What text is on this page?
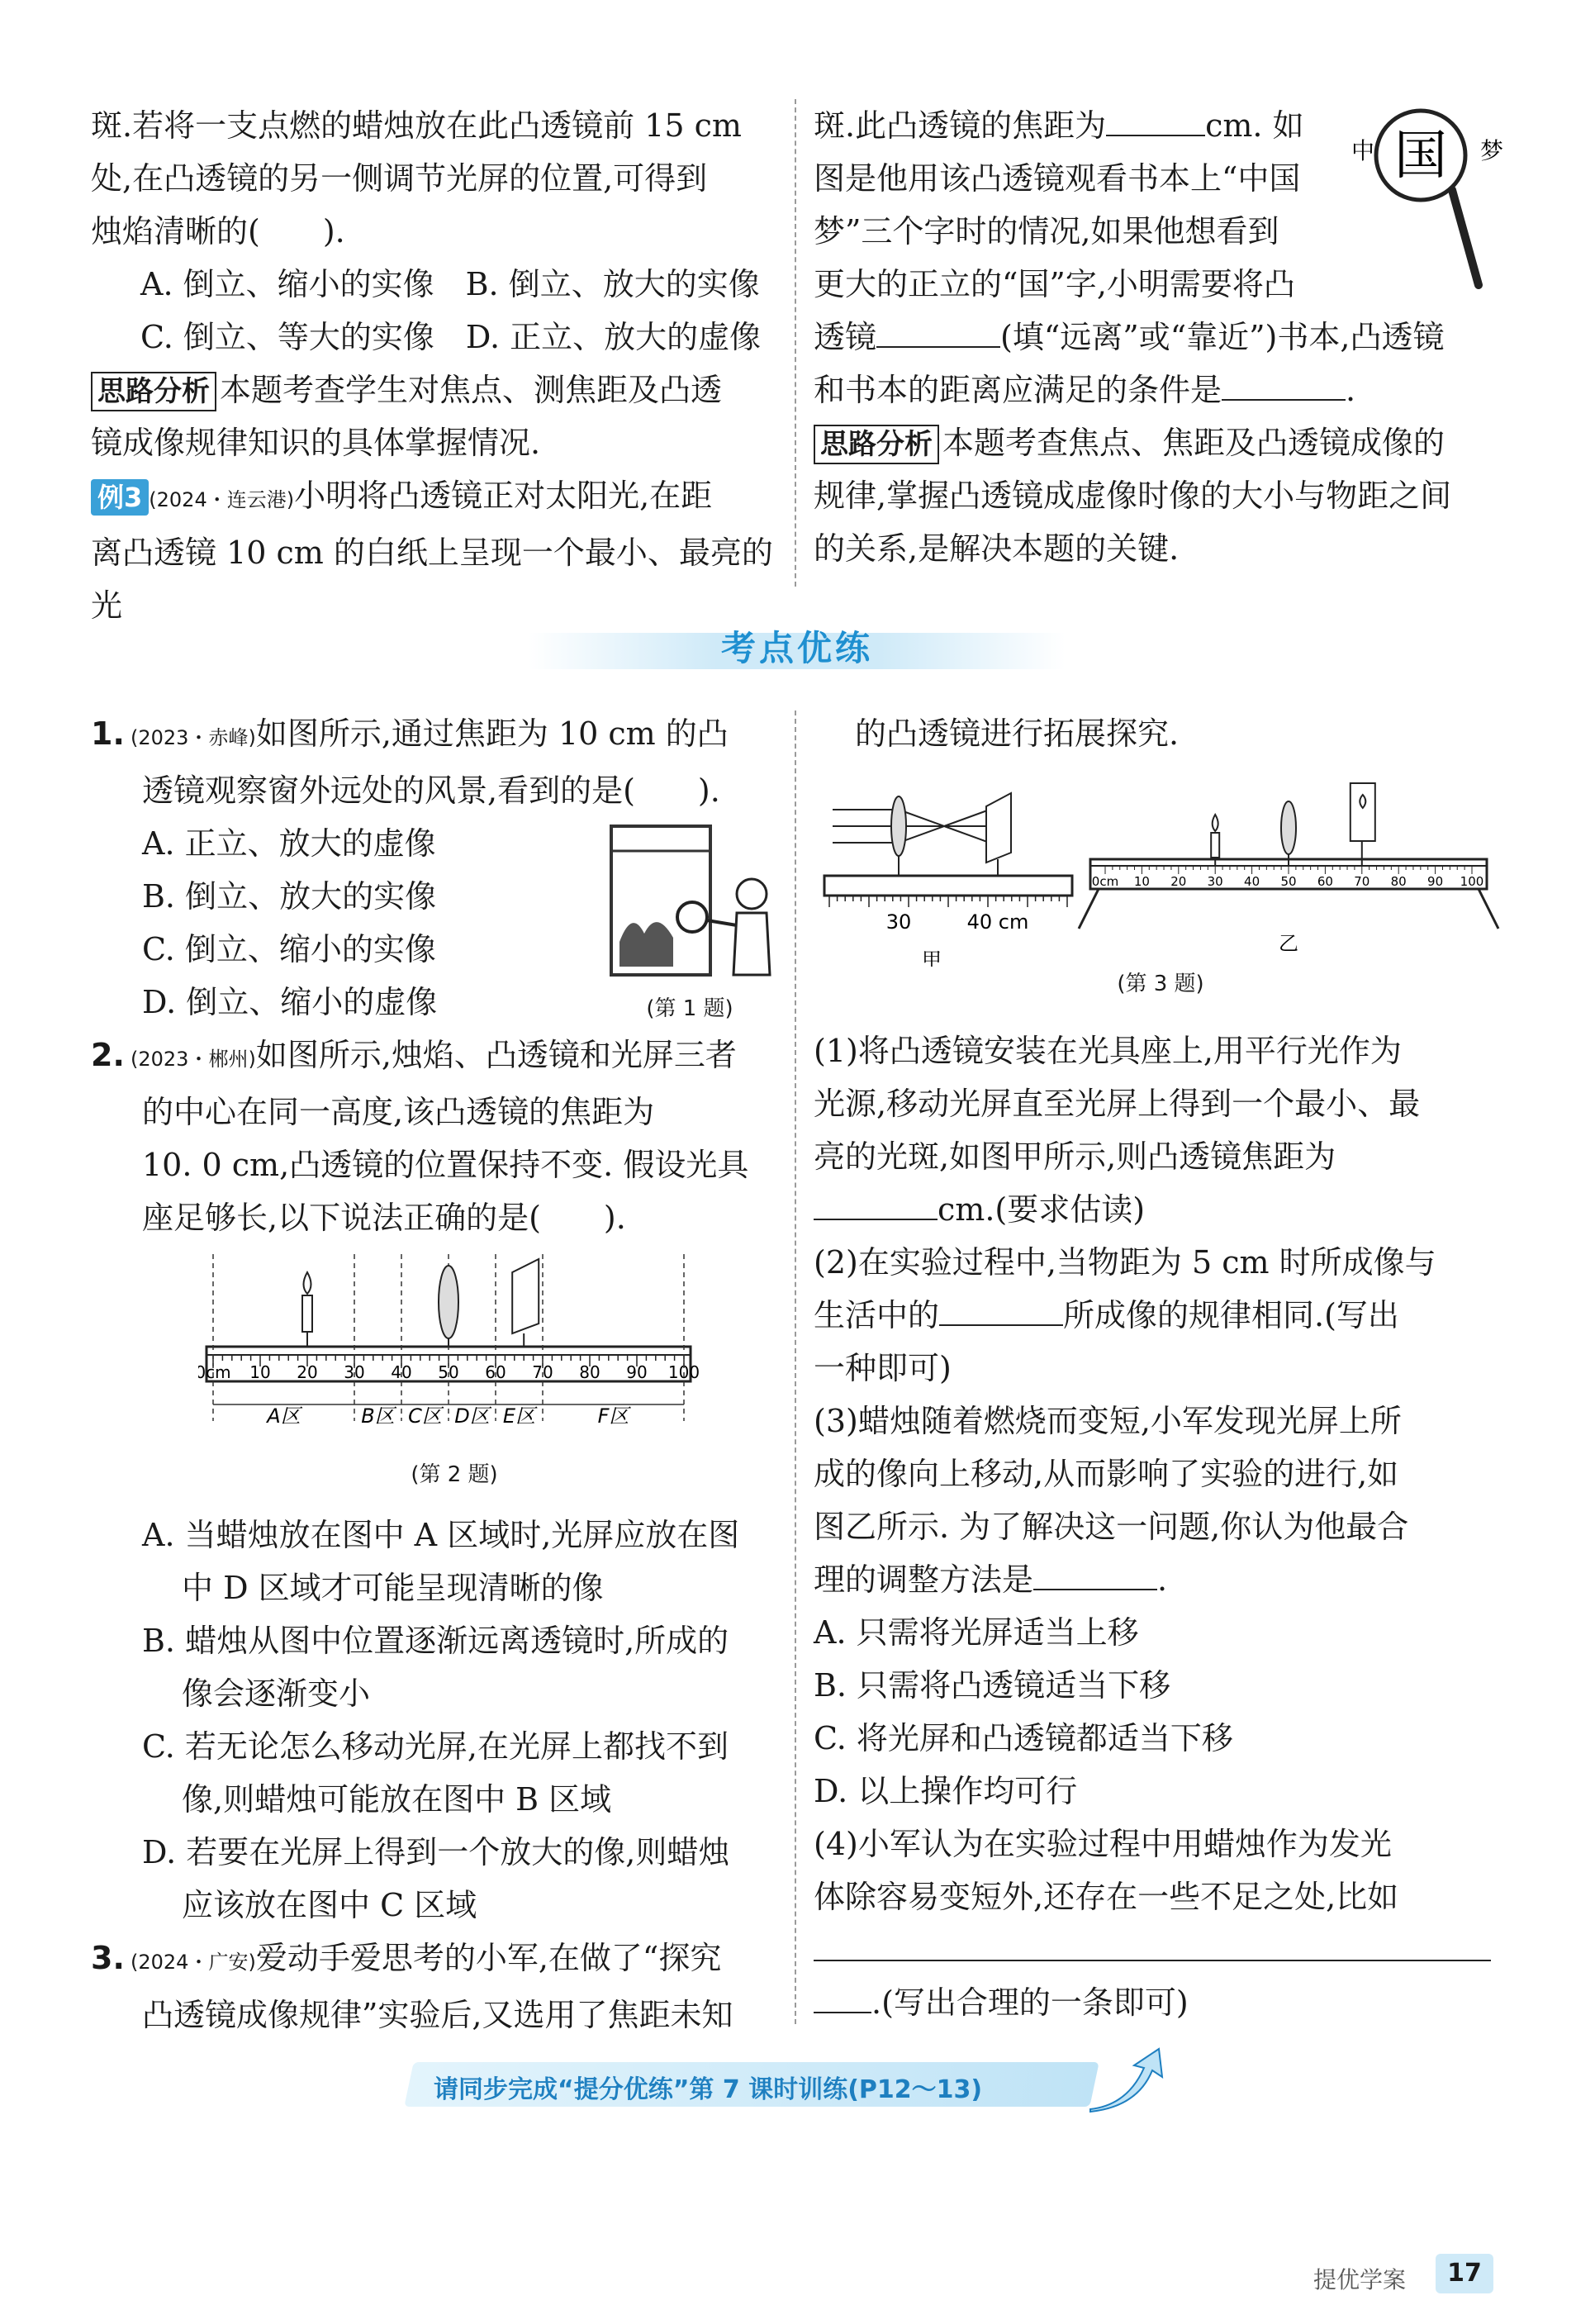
斑.若将一支点燃的蜡烛放在此凸透镜前 15 cm

处,在凸透镜的另一侧调节光屏的位置,可得到

烛焰清晰的(　　).

A. 倒立、缩小的实像　 B. 倒立、放大的实像

C. 倒立、等大的实像　 D. 正立、放大的虚像

思路分析 本题考查学生对焦点、测焦距及凸透

镜成像规律知识的具体掌握情况.

例3 (2024・连云港)小明将凸透镜正对太阳光,在距

离凸透镜 10 cm 的白纸上呈现一个最小、最亮的光

斑.此凸透镜的焦距为	cm. 如

图是他用该凸透镜观看书本上“中国

梦”三个字时的情况,如果他想看到

更大的正立的“国”字,小明需要将凸

透镜	(填“远离”或“靠近”)书本,凸透镜

和书本的距离应满足的条件是	.

思路分析 本题考查焦点、焦距及凸透镜成像的

规律,掌握凸透镜成虚像时像的大小与物距之间

的关系,是解决本题的关键.

中 国 梦
考点优练

1. (2023・赤峰)如图所示,通过焦距为 10 cm 的凸

透镜观察窗外远处的风景,看到的是(　　).

A. 正立、放大的虚像

B. 倒立、放大的实像

C. 倒立、缩小的实像

D. 倒立、缩小的虚像

2. (2023・郴州)如图所示,烛焰、凸透镜和光屏三者

的中心在同一高度,该凸透镜的焦距为

10. 0 cm,凸透镜的位置保持不变. 假设光具

座足够长,以下说法正确的是(　　).

A. 当蜡烛放在图中 A 区域时,光屏应放在图

中 D 区域才可能呈现清晰的像

B. 蜡烛从图中位置逐渐远离透镜时,所成的

像会逐渐变小

C. 若无论怎么移动光屏,在光屏上都找不到

像,则蜡烛可能放在图中 B 区域

D. 若要在光屏上得到一个放大的像,则蜡烛

应该放在图中 C 区域

3. (2024・广安)爱动手爱思考的小军,在做了“探究

凸透镜成像规律”实验后,又选用了焦距未知

(第 1 题)
0cm 10 20 30 40 50 60 70 80 90 100
A区	B区 C区 D区 E区	F区
(第 2 题)

的凸透镜进行拓展探究.

(1)将凸透镜安装在光具座上,用平行光作为

光源,移动光屏直至光屏上得到一个最小、最

亮的光斑,如图甲所示,则凸透镜焦距为

cm.(要求估读)

(2)在实验过程中,当物距为 5 cm 时所成像与

生活中的	所成像的规律相同.(写出

一种即可)

(3)蜡烛随着燃烧而变短,小军发现光屏上所

成的像向上移动,从而影响了实验的进行,如

图乙所示. 为了解决这一问题,你认为他最合

理的调整方法是	.

A. 只需将光屏适当上移

B. 只需将凸透镜适当下移

C. 将光屏和凸透镜都适当下移

D. 以上操作均可行

(4)小军认为在实验过程中用蜡烛作为发光

体除容易变短外,还存在一些不足之处,比如

.(写出合理的一条即可)

30	40 cm
甲
0cm 10 20 30 40 50 60 70 80 90 100
乙
(第 3 题)
请同步完成“提分优练”第 7 课时训练(P12～13)
提优学案	17
